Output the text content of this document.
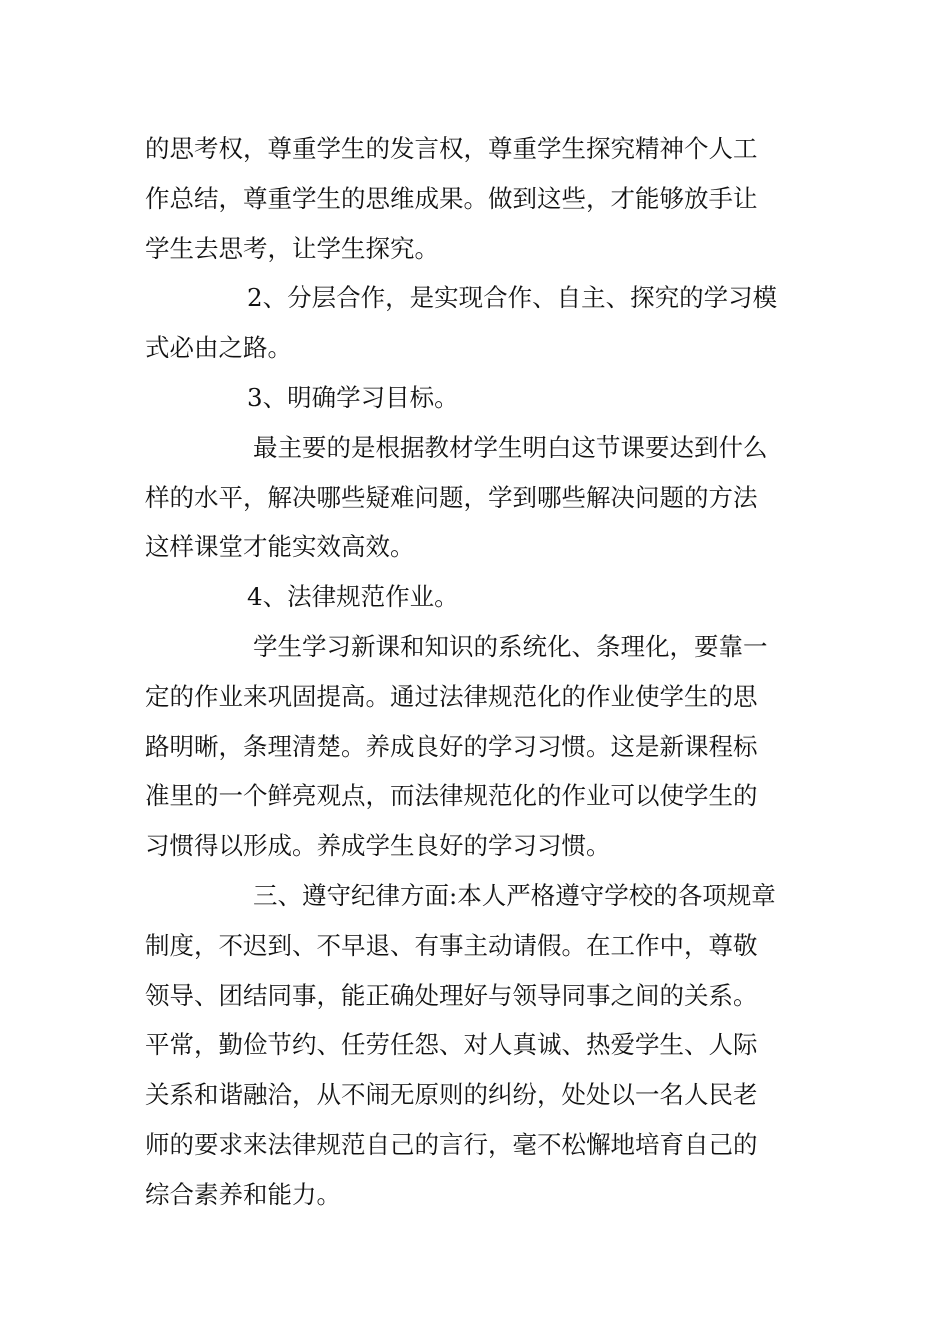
的思考权，尊重学生的发言权，尊重学生探究精神个人工
作总结，尊重学生的思维成果。做到这些，才能够放手让
学生去思考，让学生探究。
2、分层合作，是实现合作、自主、探究的学习模
式必由之路。
3、明确学习目标。
最主要的是根据教材学生明白这节课要达到什么
样的水平，解决哪些疑难问题，学到哪些解决问题的方法
这样课堂才能实效高效。
4、法律规范作业。
学生学习新课和知识的系统化、条理化，要靠一
定的作业来巩固提高。通过法律规范化的作业使学生的思
路明晰，条理清楚。养成良好的学习习惯。这是新课程标
准里的一个鲜亮观点，而法律规范化的作业可以使学生的
习惯得以形成。养成学生良好的学习习惯。
三、遵守纪律方面:本人严格遵守学校的各项规章
制度，不迟到、不早退、有事主动请假。在工作中，尊敬
领导、团结同事，能正确处理好与领导同事之间的关系。
平常，勤俭节约、任劳任怨、对人真诚、热爱学生、人际
关系和谐融洽，从不闹无原则的纠纷，处处以一名人民老
师的要求来法律规范自己的言行，毫不松懈地培育自己的
综合素养和能力。
